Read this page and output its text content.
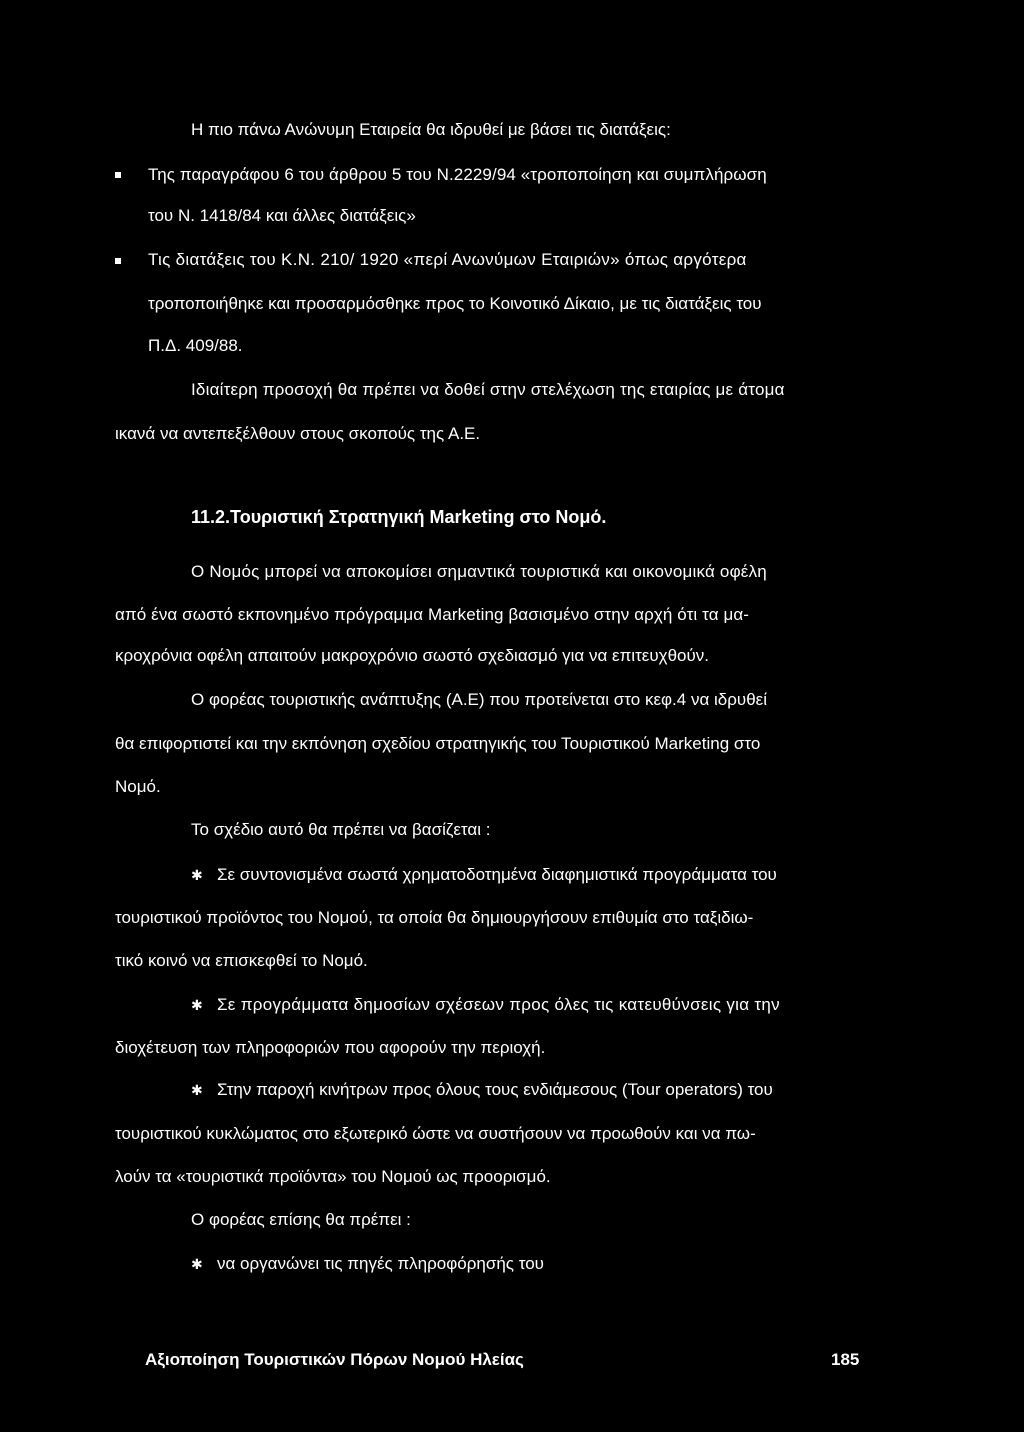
Η πιο πάνω Ανώνυμη Εταιρεία θα ιδρυθεί με βάσει τις διατάξεις:
Της παραγράφου 6 του άρθρου 5 του Ν.2229/94 «τροποποίηση και συμπλήρωση
του Ν. 1418/84 και άλλες διατάξεις»
Τις διατάξεις του Κ.Ν. 210/ 1920 «περί Ανωνύμων Εταιριών» όπως αργότερα
τροποποιήθηκε και προσαρμόσθηκε προς το Κοινοτικό Δίκαιο, με τις διατάξεις του
Π.Δ. 409/88.
Ιδιαίτερη προσοχή θα πρέπει να δοθεί στην στελέχωση της εταιρίας με άτομα
ικανά να αντεπεξέλθουν στους σκοπούς της Α.Ε.
11.2.Τουριστική Στρατηγική Marketing στο Νομό.
Ο Νομός μπορεί να αποκομίσει σημαντικά τουριστικά και οικονομικά οφέλη
από ένα σωστό εκπονημένο πρόγραμμα Marketing βασισμένο στην αρχή ότι τα μα-
κροχρόνια οφέλη απαιτούν μακροχρόνιο σωστό σχεδιασμό για να επιτευχθούν.
Ο φορέας τουριστικής ανάπτυξης (Α.Ε) που προτείνεται στο κεφ.4 να ιδρυθεί
θα επιφορτιστεί και την εκπόνηση σχεδίου στρατηγικής του Τουριστικού Marketing στο
Νομό.
Το σχέδιο αυτό θα πρέπει να βασίζεται :
✱ Σε συντονισμένα σωστά χρηματοδοτημένα διαφημιστικά προγράμματα του
τουριστικού προϊόντος του Νομού, τα οποία θα δημιουργήσουν επιθυμία στο ταξιδιω-
τικό κοινό να επισκεφθεί το Νομό.
✱ Σε προγράμματα δημοσίων σχέσεων προς όλες τις κατευθύνσεις για την
διοχέτευση των πληροφοριών που αφορούν την περιοχή.
✱ Στην παροχή κινήτρων προς όλους τους ενδιάμεσους (Tour operators) του
τουριστικού κυκλώματος στο εξωτερικό ώστε να συστήσουν να προωθούν και να πω-
λούν τα «τουριστικά προϊόντα» του Νομού ως προορισμό.
Ο φορέας επίσης θα πρέπει :
✱ να οργανώνει τις πηγές πληροφόρησής του
Αξιοποίηση Τουριστικών Πόρων Νομού Ηλείας	185
